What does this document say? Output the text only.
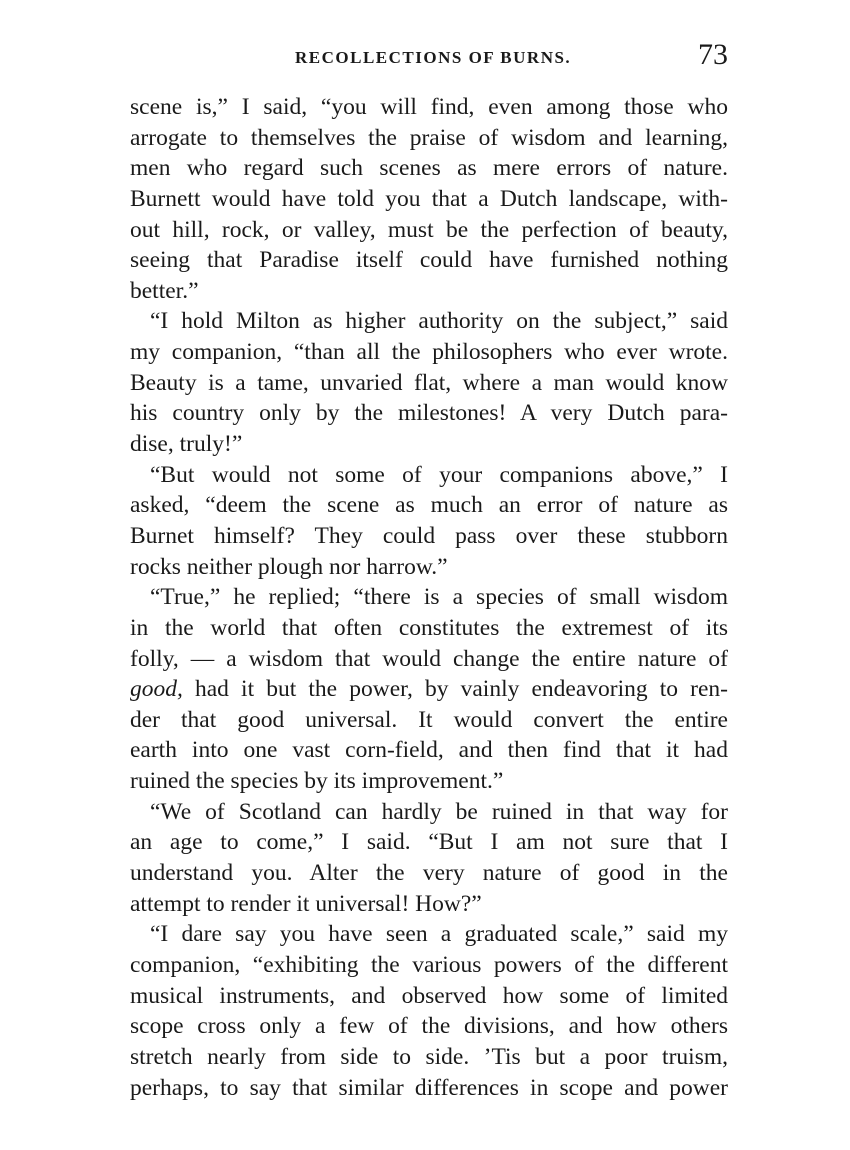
RECOLLECTIONS OF BURNS.	73
scene is,” I said, “you will find, even among those who
arrogate to themselves the praise of wisdom and learning,
men who regard such scenes as mere errors of nature.
Burnett would have told you that a Dutch landscape, with-
out hill, rock, or valley, must be the perfection of beauty,
seeing that Paradise itself could have furnished nothing
better.”
“I hold Milton as higher authority on the subject,” said
my companion, “than all the philosophers who ever wrote.
Beauty is a tame, unvaried flat, where a man would know
his country only by the milestones! A very Dutch para-
dise, truly!”
“But would not some of your companions above,” I
asked, “deem the scene as much an error of nature as
Burnet himself? They could pass over these stubborn
rocks neither plough nor harrow.”
“True,” he replied; “there is a species of small wisdom
in the world that often constitutes the extremest of its
folly, — a wisdom that would change the entire nature of
good, had it but the power, by vainly endeavoring to ren-
der that good universal. It would convert the entire
earth into one vast corn-field, and then find that it had
ruined the species by its improvement.”
“We of Scotland can hardly be ruined in that way for
an age to come,” I said. “But I am not sure that I
understand you. Alter the very nature of good in the
attempt to render it universal! How?”
“I dare say you have seen a graduated scale,” said my
companion, “exhibiting the various powers of the different
musical instruments, and observed how some of limited
scope cross only a few of the divisions, and how others
stretch nearly from side to side. ’Tis but a poor truism,
perhaps, to say that similar differences in scope and power
